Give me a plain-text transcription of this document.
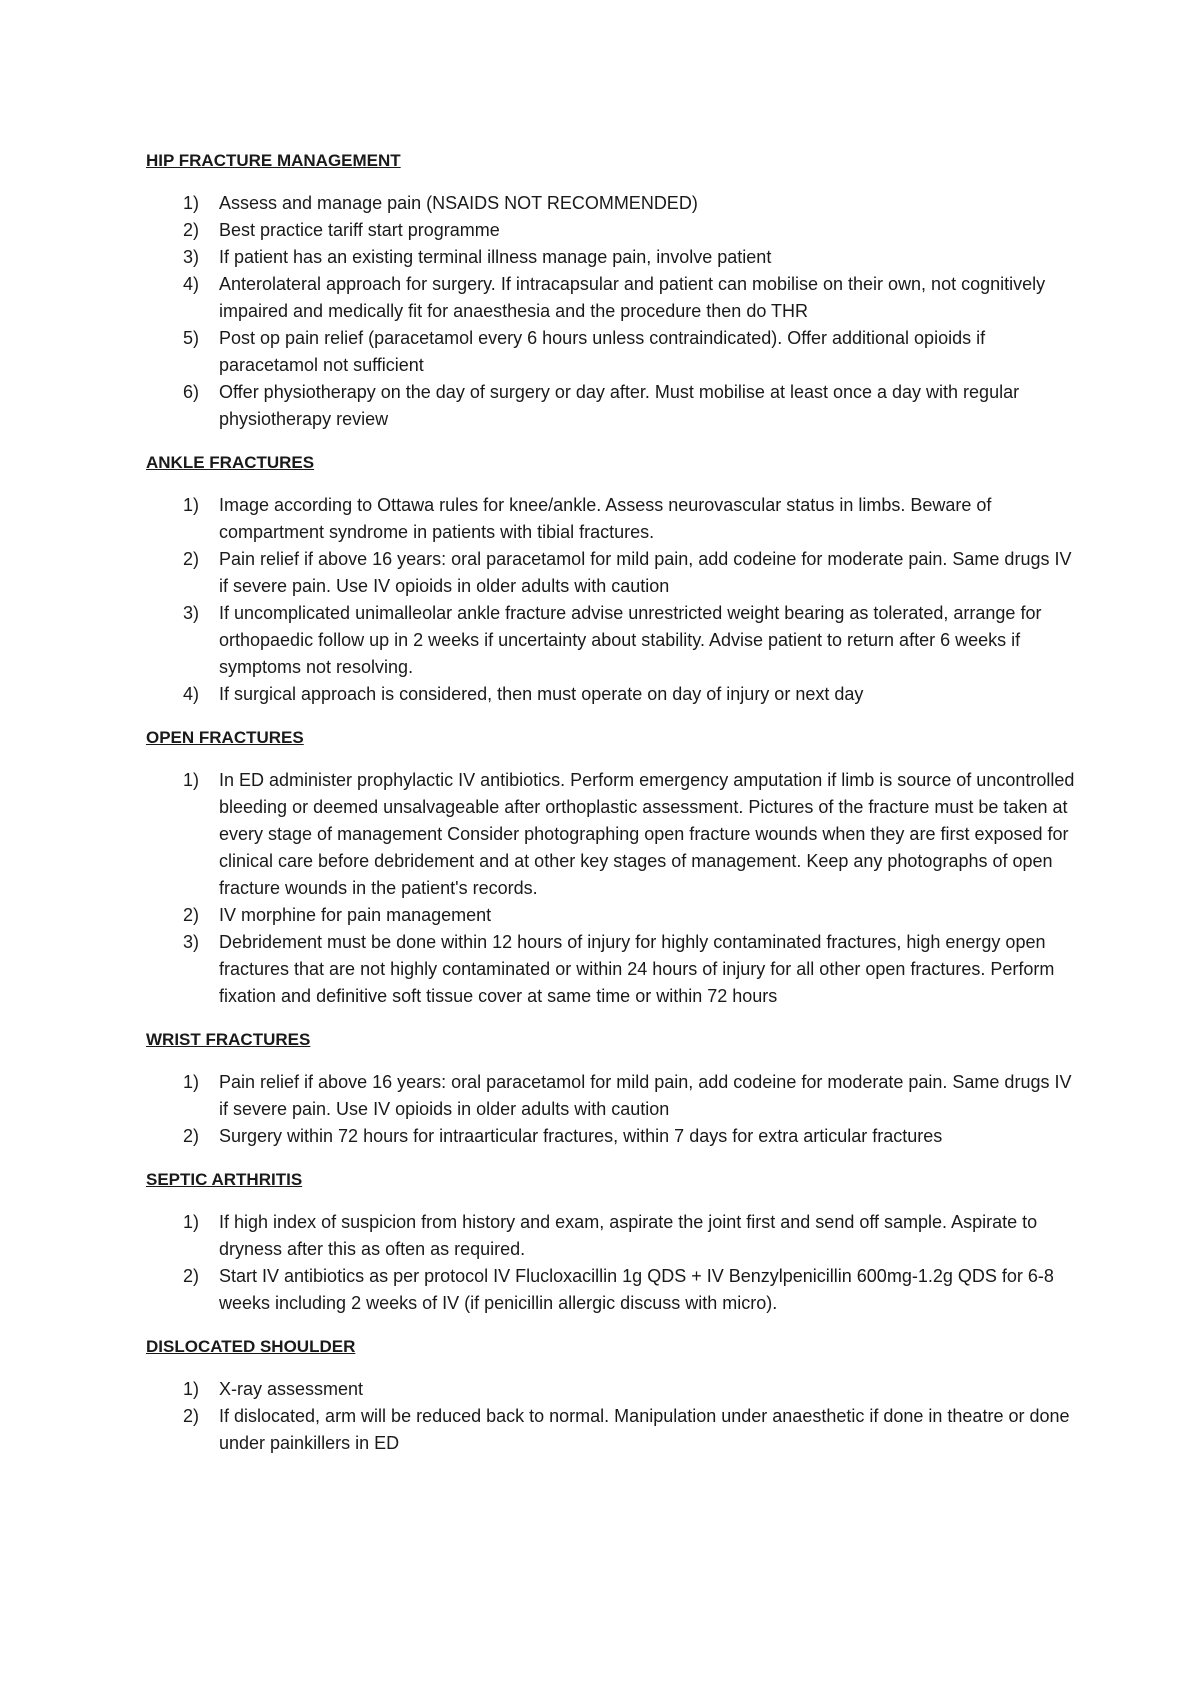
HIP FRACTURE MANAGEMENT
1)	Assess and manage pain (NSAIDS NOT RECOMMENDED)
2)	Best practice tariff start programme
3)	If patient has an existing terminal illness manage pain, involve patient
4)	Anterolateral approach for surgery. If intracapsular and patient can mobilise on their own, not cognitively impaired and medically fit for anaesthesia and the procedure then do THR
5)	Post op pain relief (paracetamol every 6 hours unless contraindicated). Offer additional opioids if paracetamol not sufficient
6)	Offer physiotherapy on the day of surgery or day after. Must mobilise at least once a day with regular physiotherapy review
ANKLE FRACTURES
1)	Image according to Ottawa rules for knee/ankle. Assess neurovascular status in limbs. Beware of compartment syndrome in patients with tibial fractures.
2)	Pain relief if above 16 years: oral paracetamol for mild pain, add codeine for moderate pain. Same drugs IV if severe pain. Use IV opioids in older adults with caution
3)	If uncomplicated unimalleolar ankle fracture advise unrestricted weight bearing as tolerated, arrange for orthopaedic follow up in 2 weeks if uncertainty about stability. Advise patient to return after 6 weeks if symptoms not resolving.
4)	If surgical approach is considered, then must operate on day of injury or next day
OPEN FRACTURES
1)	In ED administer prophylactic IV antibiotics. Perform emergency amputation if limb is source of uncontrolled bleeding or deemed unsalvageable after orthoplastic assessment. Pictures of the fracture must be taken at every stage of management Consider photographing open fracture wounds when they are first exposed for clinical care before debridement and at other key stages of management. Keep any photographs of open fracture wounds in the patient's records.
2)	IV morphine for pain management
3)	Debridement must be done within 12 hours of injury for highly contaminated fractures, high energy open fractures that are not highly contaminated or within 24 hours of injury for all other open fractures. Perform fixation and definitive soft tissue cover at same time or within 72 hours
WRIST FRACTURES
1)	Pain relief if above 16 years: oral paracetamol for mild pain, add codeine for moderate pain. Same drugs IV if severe pain. Use IV opioids in older adults with caution
2)	Surgery within 72 hours for intraarticular fractures, within 7 days for extra articular fractures
SEPTIC ARTHRITIS
1)	If high index of suspicion from history and exam, aspirate the joint first and send off sample. Aspirate to dryness after this as often as required.
2)	Start IV antibiotics as per protocol IV Flucloxacillin 1g QDS + IV Benzylpenicillin 600mg-1.2g QDS for 6-8 weeks including 2 weeks of IV (if penicillin allergic discuss with micro).
DISLOCATED SHOULDER
1)	X-ray assessment
2)	If dislocated, arm will be reduced back to normal. Manipulation under anaesthetic if done in theatre or done under painkillers in ED
